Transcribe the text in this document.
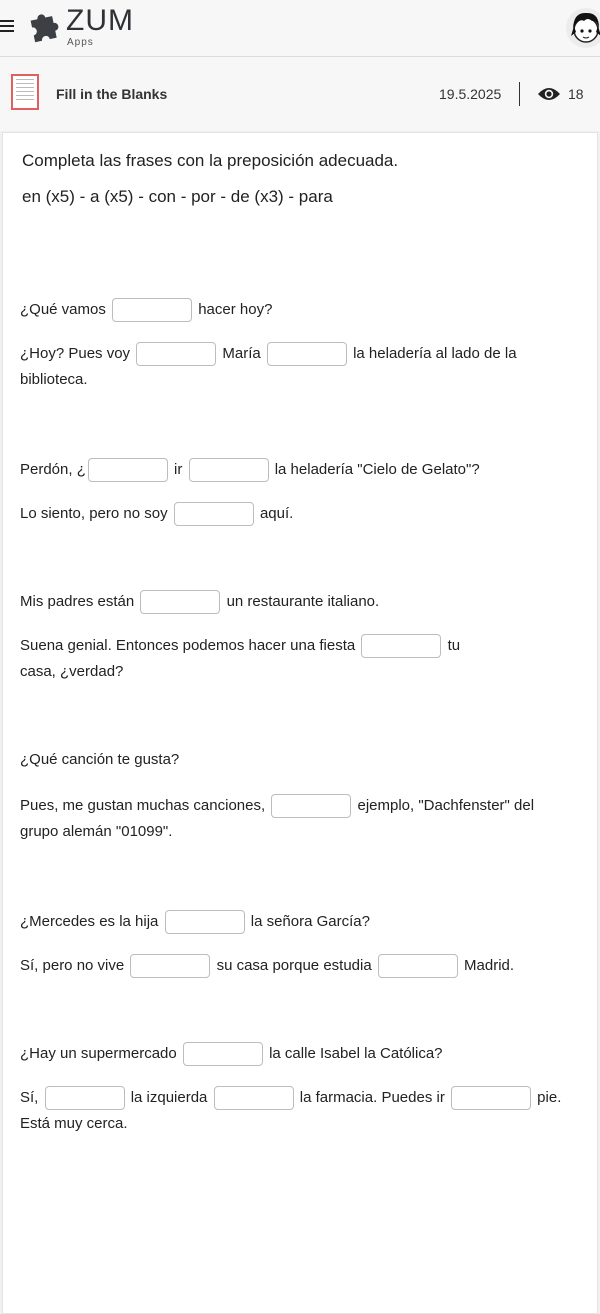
ZUM
Apps
Fill in the Blanks	19.5.2025	18
Completa las frases con la preposición adecuada.
en (x5) - a (x5) - con - por - de (x3) - para
¿Qué vamos	hacer hoy?
¿Hoy? Pues voy	María	la heladería al lado de la
biblioteca.
Perdón, ¿	ir	la heladería "Cielo de Gelato"?
Lo siento, pero no soy	aquí.
Mis padres están	un restaurante italiano.
Suena genial. Entonces podemos hacer una fiesta	tu
casa, ¿verdad?
¿Qué canción te gusta?
Pues, me gustan muchas canciones,	ejemplo, "Dachfenster" del
grupo alemán "01099".
¿Mercedes es la hija	la señora García?
Sí, pero no vive	su casa porque estudia	Madrid.
¿Hay un supermercado	la calle Isabel la Católica?
Sí,	la izquierda	la farmacia. Puedes ir	pie.
Está muy cerca.
